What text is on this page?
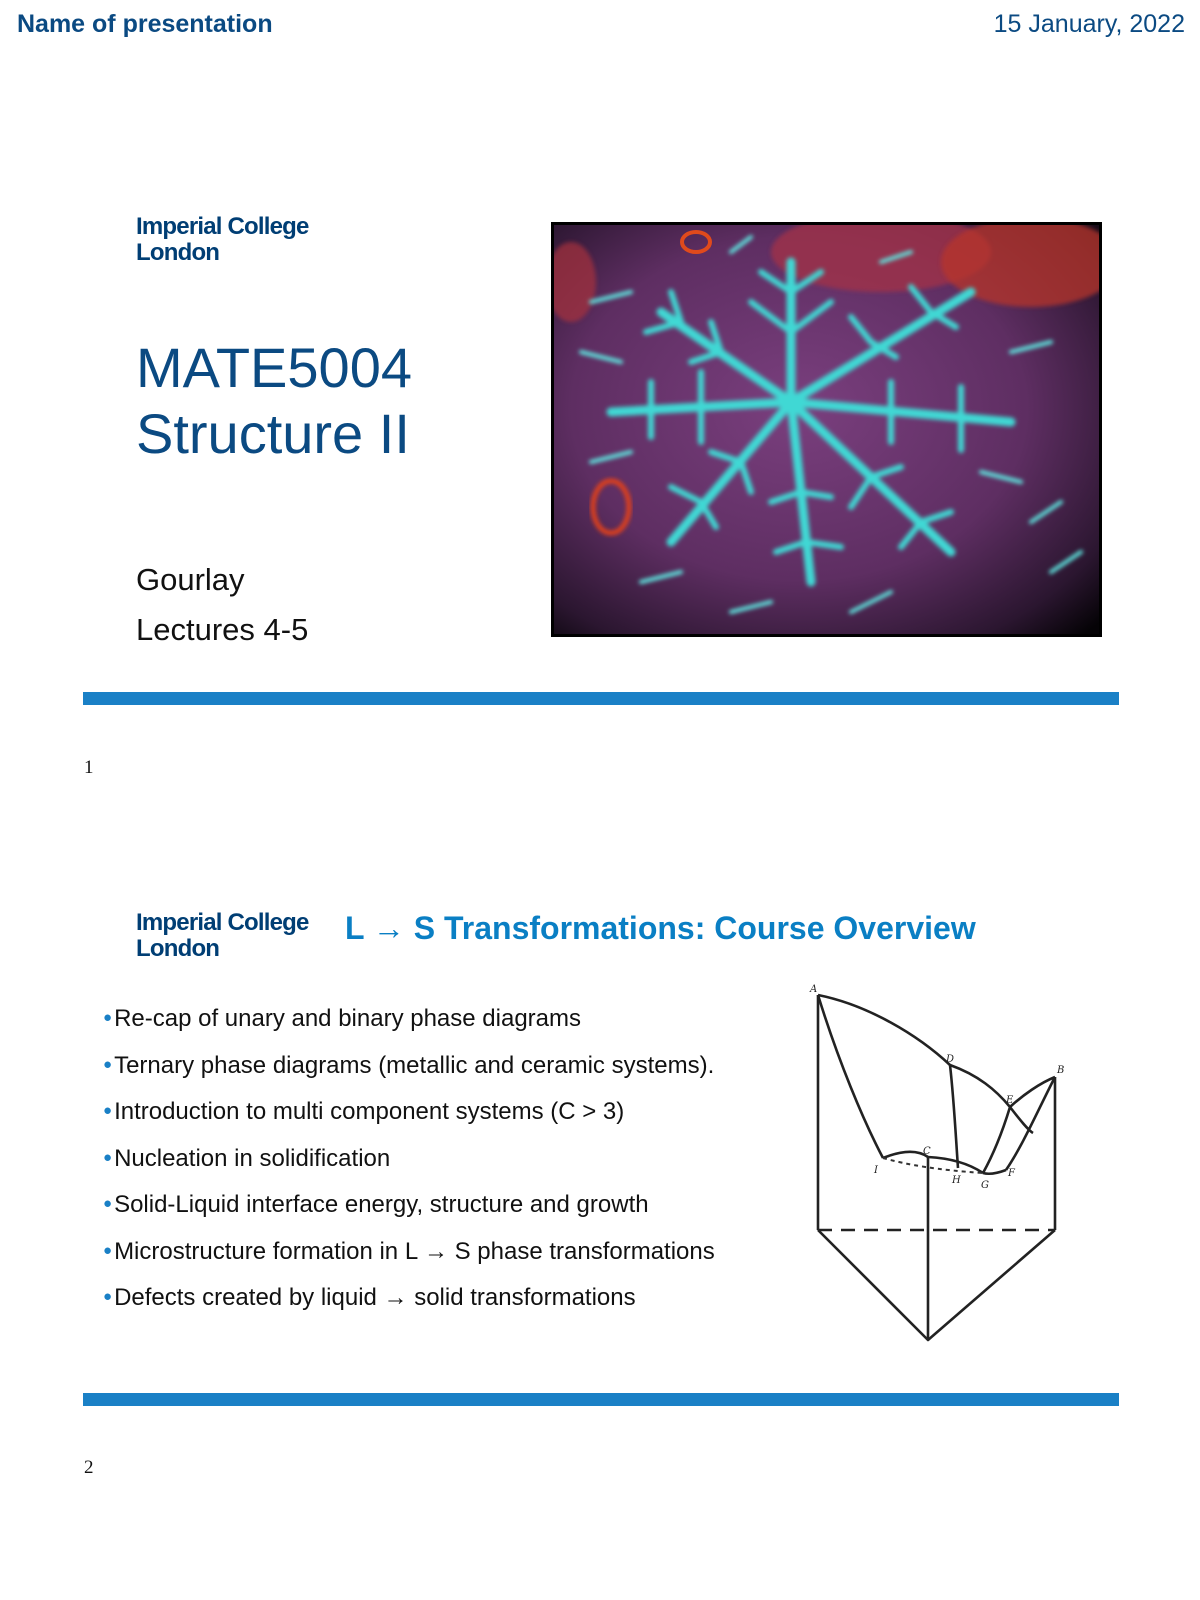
Name of presentation	15 January, 2022
Imperial College
London
MATE5004
Structure II
Gourlay
Lectures 4-5
1
Imperial College
London
L → S Transformations: Course Overview
●Re-cap of unary and binary phase diagrams
●Ternary phase diagrams (metallic and ceramic systems).
●Introduction to multi component systems (C > 3)
●Nucleation in solidification
●Solid-Liquid interface energy, structure and growth
●Microstructure formation in L → S phase transformations
●Defects created by liquid → solid transformations
A
B
C
D
E
F
G
H
I
2
